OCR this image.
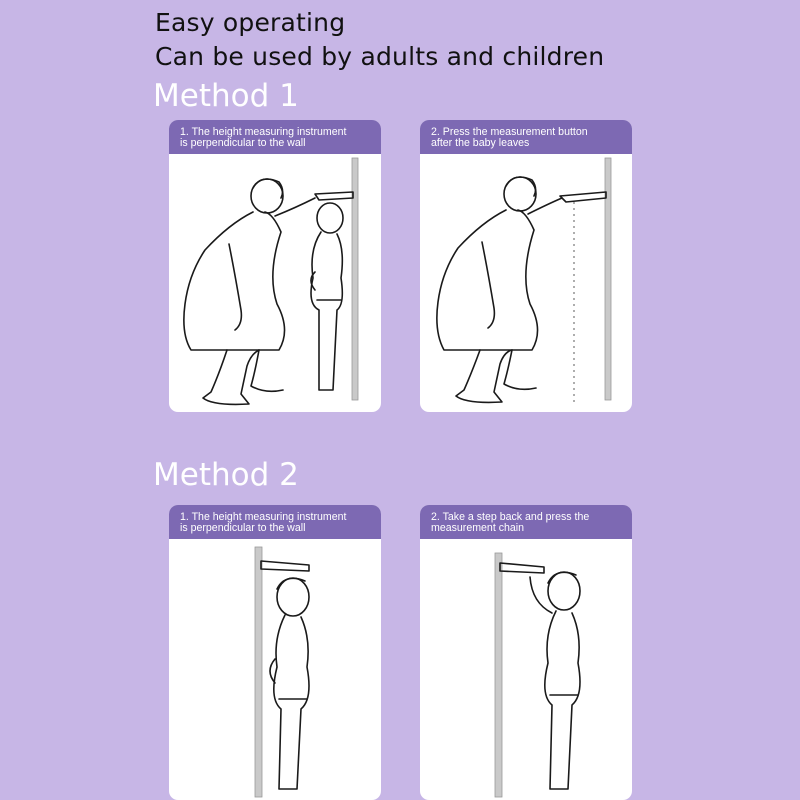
Easy operating
Can be used by adults and children
Method 1
1. The height measuring instrument
is perpendicular to the wall
2. Press the measurement button
after the baby leaves
Method 2
1. The height measuring instrument
is perpendicular to the wall
2. Take a step back and press the
measurement chain
